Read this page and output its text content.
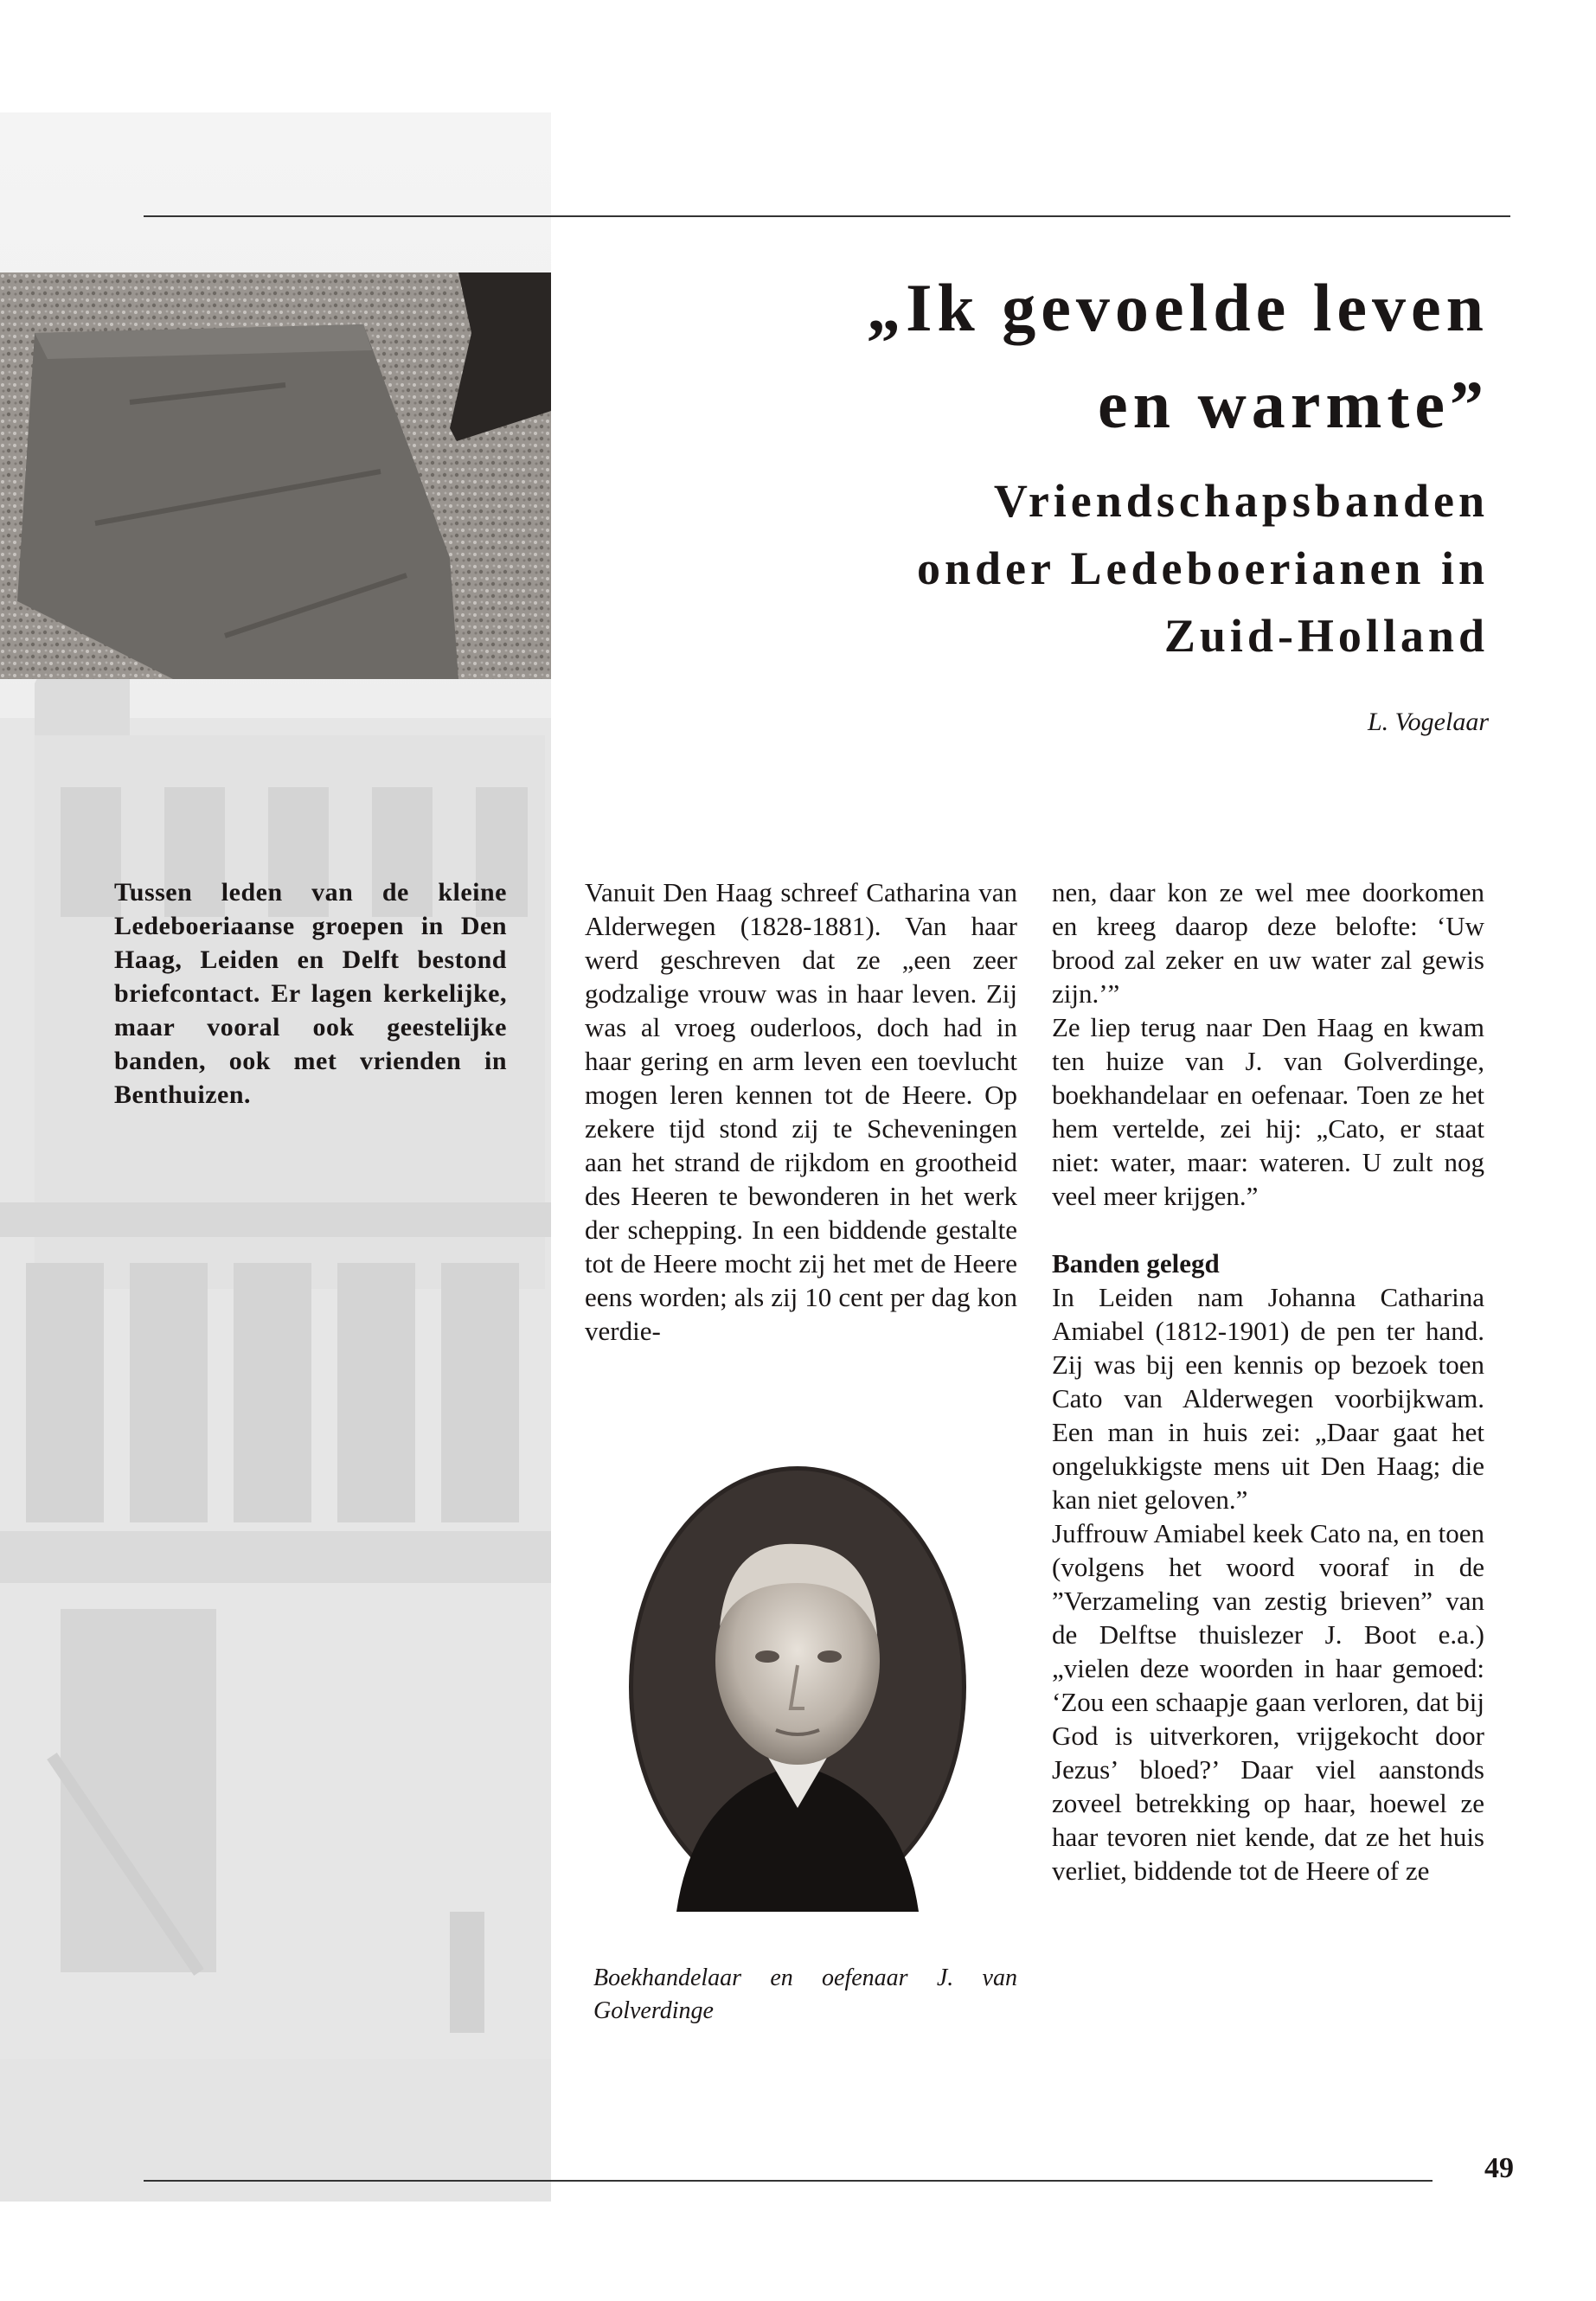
„Ik gevoelde leven
en warmte”
Vriendschapsbanden
onder Ledeboerianen in
Zuid-Holland
L. Vogelaar

Tussen leden van de kleine Ledeboeriaanse groepen in Den Haag, Leiden en Delft bestond briefcontact. Er lagen kerkelijke, maar vooral ook geestelijke banden, ook met vrienden in Benthuizen.

Vanuit Den Haag schreef Catharina van Alderwegen (1828-1881). Van haar werd geschreven dat ze „een zeer godzalige vrouw was in haar leven. Zij was al vroeg ouderloos, doch had in haar gering en arm leven een toevlucht mogen leren kennen tot de Heere. Op zekere tijd stond zij te Scheveningen aan het strand de rijkdom en grootheid des Heeren te bewonderen in het werk der schepping. In een biddende gestalte tot de Heere mocht zij het met de Heere eens worden; als zij 10 cent per dag kon verdie-

Boekhandelaar en oefenaar J. van Golverdinge

nen, daar kon ze wel mee doorkomen en kreeg daarop deze belofte: ‘Uw brood zal zeker en uw water zal gewis zijn.’”

Ze liep terug naar Den Haag en kwam ten huize van J. van Golverdinge, boekhandelaar en oefenaar. Toen ze het hem vertelde, zei hij: „Cato, er staat niet: water, maar: wateren. U zult nog veel meer krijgen.”

Banden gelegd

In Leiden nam Johanna Catharina Amiabel (1812-1901) de pen ter hand. Zij was bij een kennis op bezoek toen Cato van Alderwegen voorbijkwam. Een man in huis zei: „Daar gaat het ongelukkigste mens uit Den Haag; die kan niet geloven.”

Juffrouw Amiabel keek Cato na, en toen (volgens het woord vooraf in de ”Verzameling van zestig brieven” van de Delftse thuislezer J. Boot e.a.) „vielen deze woorden in haar gemoed: ‘Zou een schaapje gaan verloren, dat bij God is uitverkoren, vrijgekocht door Jezus’ bloed?’ Daar viel aanstonds zoveel betrekking op haar, hoewel ze haar tevoren niet kende, dat ze het huis verliet, biddende tot de Heere of ze

49
